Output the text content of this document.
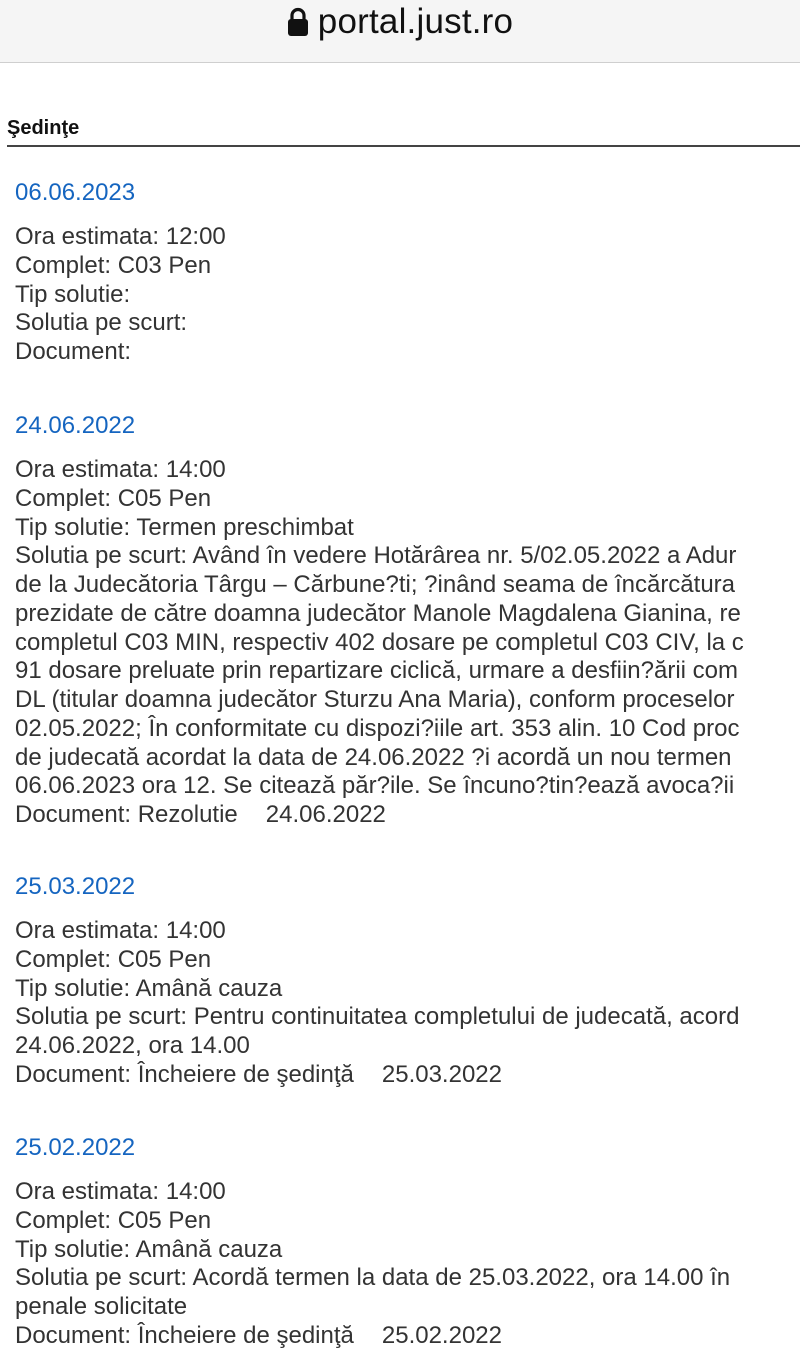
portal.just.ro
Şedinţe
06.06.2023
Ora estimata: 12:00
Complet: C03 Pen
Tip solutie:
Solutia pe scurt:
Document:
24.06.2022
Ora estimata: 14:00
Complet: C05 Pen
Tip solutie: Termen preschimbat
Solutia pe scurt: Având în vedere Hotărârea nr. 5/02.05.2022 a Adur
de la Judecătoria Târgu – Cărbune?ti; ?inând seama de încărcătura
prezidate de către doamna judecător Manole Magdalena Gianina, re
completul C03 MIN, respectiv 402 dosare pe completul C03 CIV, la c
91 dosare preluate prin repartizare ciclică, urmare a desfiin?ării com
DL (titular doamna judecător Sturzu Ana Maria), conform proceselor
02.05.2022; În conformitate cu dispozi?iile art. 353 alin. 10 Cod proc
de judecată acordat la data de 24.06.2022 ?i acordă un nou termen
06.06.2023 ora 12. Se citează păr?ile. Se încuno?tin?ează avoca?ii
Document: Rezolutie 24.06.2022
25.03.2022
Ora estimata: 14:00
Complet: C05 Pen
Tip solutie: Amână cauza
Solutia pe scurt: Pentru continuitatea completului de judecată, acord
24.06.2022, ora 14.00
Document: Încheiere de şedinţă 25.03.2022
25.02.2022
Ora estimata: 14:00
Complet: C05 Pen
Tip solutie: Amână cauza
Solutia pe scurt: Acordă termen la data de 25.03.2022, ora 14.00 în
penale solicitate
Document: Încheiere de şedinţă 25.02.2022
